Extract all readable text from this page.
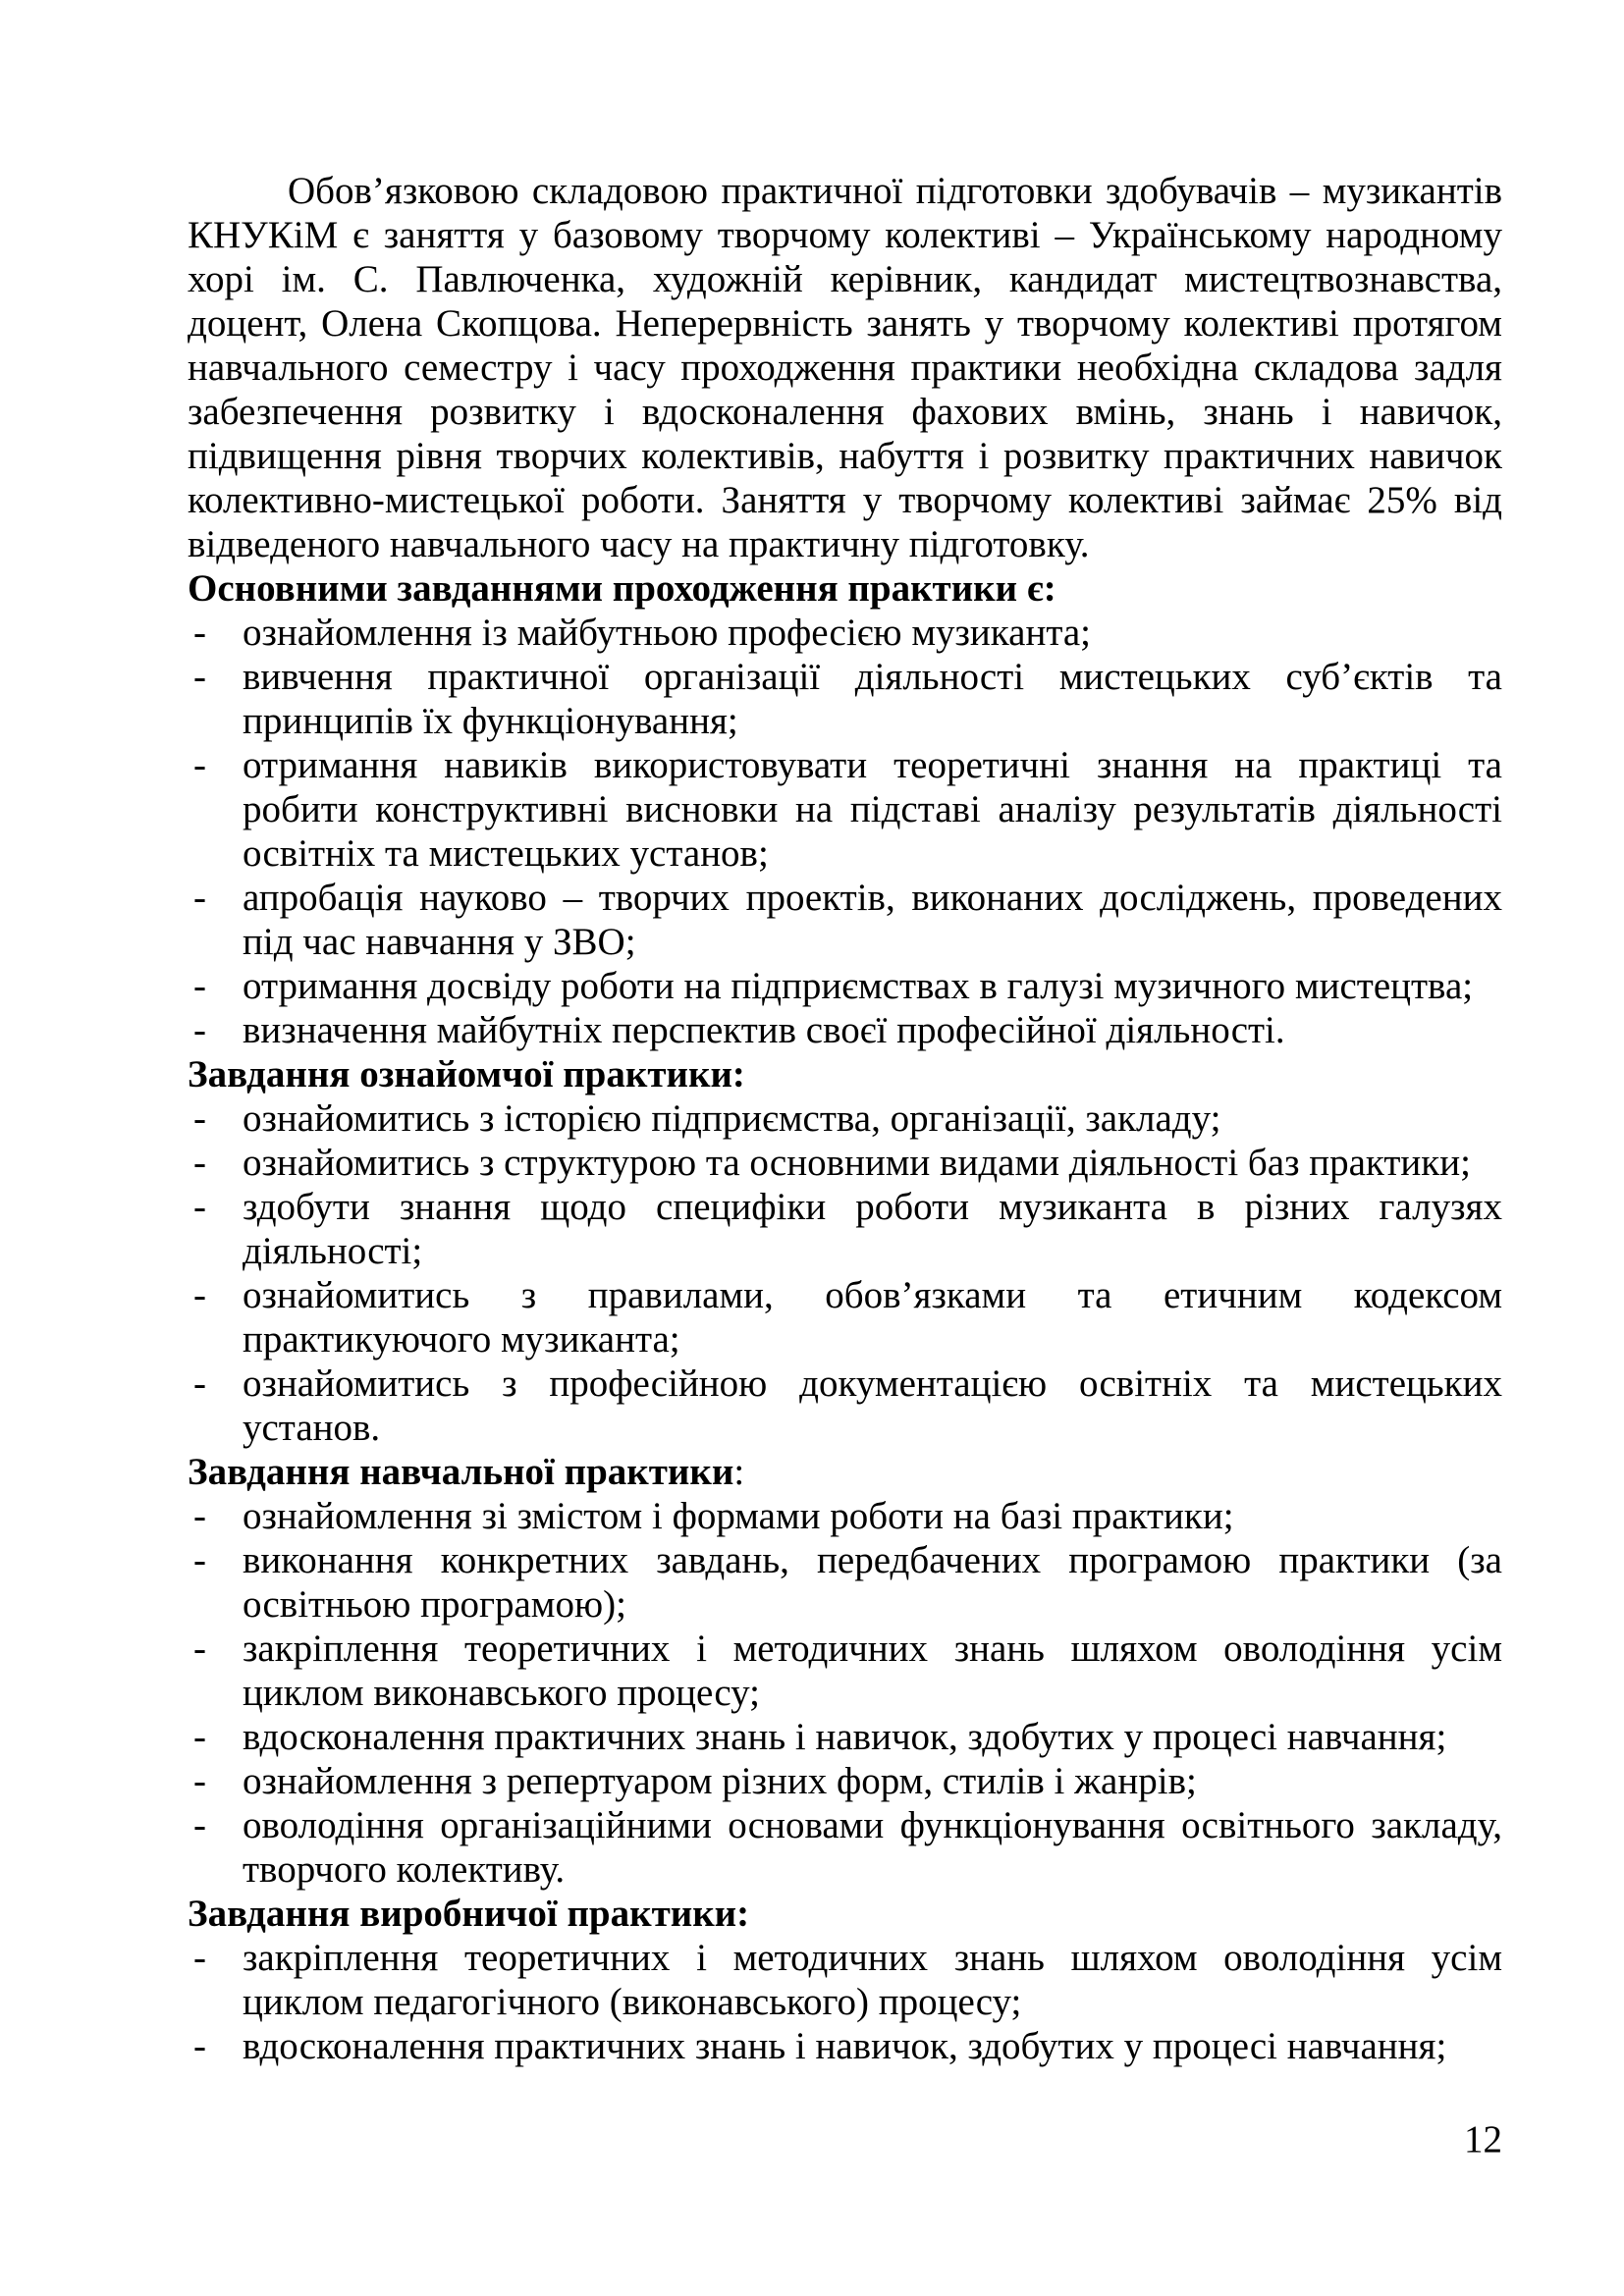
Обов’язковою складовою практичної підготовки здобувачів – музикантів КНУКіМ є заняття у базовому творчому колективі – Українському народному хорі ім. С. Павлюченка, художній керівник, кандидат мистецтвознавства, доцент, Олена Скопцова. Неперервність занять у творчому колективі протягом навчального семестру і часу проходження практики необхідна складова задля забезпечення розвитку і вдосконалення фахових вмінь, знань і навичок, підвищення рівня творчих колективів, набуття і розвитку практичних навичок колективно-мистецької роботи. Заняття у творчому колективі займає 25% від відведеного навчального часу на практичну підготовку.

Основними завданнями проходження практики є:
- ознайомлення із майбутньою професією музиканта;
- вивчення практичної організації діяльності мистецьких суб’єктів та принципів їх функціонування;
- отримання навиків використовувати теоретичні знання на практиці та робити конструктивні висновки на підставі аналізу результатів діяльності освітніх та мистецьких установ;
- апробація науково – творчих проектів, виконаних досліджень, проведених під час навчання у ЗВО;
- отримання досвіду роботи на підприємствах в галузі музичного мистецтва;
- визначення майбутніх перспектив своєї професійної діяльності.
Завдання ознайомчої практики:
- ознайомитись з історією підприємства, організації, закладу;
- ознайомитись з структурою та основними видами діяльності баз практики;
- здобути знання щодо специфіки роботи музиканта в різних галузях діяльності;
- ознайомитись з правилами, обов’язками та етичним кодексом практикуючого музиканта;
- ознайомитись з професійною документацією освітніх та мистецьких установ.
Завдання навчальної практики:
- ознайомлення зі змістом і формами роботи на базі практики;
- виконання конкретних завдань, передбачених програмою практики (за освітньою програмою);
- закріплення теоретичних і методичних знань шляхом оволодіння усім циклом виконавського процесу;
- вдосконалення практичних знань і навичок, здобутих у процесі навчання;
- ознайомлення з репертуаром різних форм, стилів і жанрів;
- оволодіння організаційними основами функціонування освітнього закладу, творчого колективу.
Завдання виробничої практики:
- закріплення теоретичних і методичних знань шляхом оволодіння усім циклом педагогічного (виконавського) процесу;
- вдосконалення практичних знань і навичок, здобутих у процесі навчання;
12
